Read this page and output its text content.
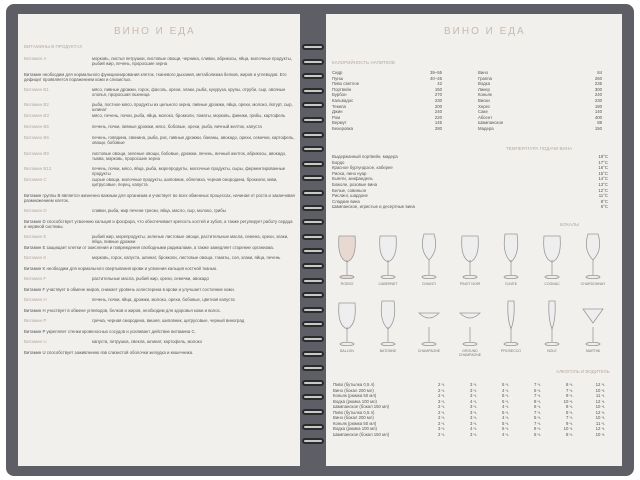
ВИНО И ЕДА
ВИТАМИНЫ В ПРОДУКТАХ
Витамин A	морковь, листья петрушки, листовые овощи, черника, сливки, абрикосы, яйца, молочные продукты, рыбий жир, печень, проросшие зерна
Витамин необходим для нормального функционирования клеток, тканевого дыхания, метаболизма белков, жиров и углеводов. Его дефицит проявляется поражением кожи и слизистых.
Витамин B1	мясо, пивные дрожжи, горох, фасоль, орехи, злаки, рыба, кукуруза, крупы, отруби, сыр, овсяные хлопья, проросшая пшеница
Витамин B2	рыба, постное мясо, продукты из цельного зерна, пивные дрожжи, яйца, орехи, молоко, йогурт, сыр, шпинат
Витамин B3	мясо, печень, почки, рыба, яйца, молоко, брокколи, томаты, морковь, финики, грибы, картофель
Витамин B5	печень, почки, пивные дрожжи, мясо, бобовые, орехи, рыба, яичный желток, капуста
Витамин B6	печень, говядина, свинина, рыба, рис, пивные дрожжи, бананы, авокадо, орехи, семечки, картофель, овощи, бобовые
Витамин B9	листовые овощи, зеленые овощи, бобовые, дрожжи, печень, яичный желток, абрикосы, авокадо, тыква, морковь, проросшие зерна
Витамин B12	печень, почки, мясо, яйца, рыба, морепродукты, молочные продукты, сыры, ферментированные продукты
Витамин C	сырые овощи, молочные продукты, шиповник, облепиха, черная смородина, брокколи, киви, цитрусовые, перец, капуста
Витамин группы B является жизненно важным для организма и участвует во всех обменных процессах, начиная от роста и заканчивая размножением клеток.
Витамин D	сливки, рыба, жир печени трески, яйца, масло, сыр, молоко, грибы
Витамин D способствует усвоению кальция и фосфора, что обеспечивает крепость костей и зубов, а также регулирует работу сердца и нервной системы.
Витамин E	рыбий жир, морепродукты, зеленые листовые овощи, растительные масла, семена, орехи, злаки, яйца, пивные дрожжи
Витамин E защищает клетки от окисления и повреждения свободными радикалами, а также замедляет старение организма.
Витамин K	морковь, горох, капуста, шпинат, брокколи, листовые овощи, томаты, соя, злаки, яйца, печень
Витамин K необходим для нормального свертывания крови и усвоения кальция костной тканью.
Витамин F	растительные масла, рыбий жир, орехи, семечки, авокадо
Витамин F участвует в обмене жиров, снижает уровень холестерина в крови и улучшает состояние кожи.
Витамин H	печень, почки, яйца, дрожжи, молоко, орехи, бобовые, цветная капуста
Витамин H участвует в обмене углеводов, белков и жиров, необходим для здоровья кожи и волос.
Витамин P	гречка, черная смородина, вишня, шиповник, цитрусовые, черный виноград
Витамин P укрепляет стенки кровеносных сосудов и усиливает действие витамина C.
Витамин U	капуста, петрушка, свекла, шпинат, картофель, молоко
Витамин U способствует заживлению язв слизистой оболочки желудка и кишечника.
ВИНО И ЕДА
КАЛОРИЙНОСТЬ НАПИТКОВ
Сидр	39–55
Пунш	40–45
Пиво светлое	42
Портвейн	150
Бурбон	270
Кальвадос	230
Текила	200
Джин	240
Ром	220
Вермут	145
Бехеровка	280
Вино	84
Граппа	260
Водка	235
Ликер	300
Коньяк	240
Виски	230
Херес	180
Саке	140
Абсент	400
Шампанское	88
Мадера	150
ТЕМПЕРАТУРА ПОДАЧИ ВИНА
Выдержанный портвейн, мадера	18°C
Бордо	17°C
Красное бургундское, каберне	16°C
Риоха, пино нуар	15°C
Кьянти, зинфандель	14°C
Божоле, розовые вина	13°C
Белые, совиньон	12°C
Рислинг, шардоне	11°C
Сладкие вина	8°C
Шампанское, игристые и десертные вина	6°C
БОКАЛЫ
ROSSO	CABERNET	CHIANTI	PINOT NOIR	CUVEE	COGNAC	CHARDONNAY
BALLON	BATONNE	CHAMPAGNE	GROUND CHAMPAGNE
PROSECCO	BOLE	MARTINI
АЛКОГОЛЬ И ВОДИТЕЛЬ
Пиво (бутылка 0,5 л)	2 ч.	3 ч.	5 ч.	7 ч.	8 ч.	12 ч.
Вино (бокал 200 мл)	2 ч.	3 ч.	4 ч.	5 ч.	7 ч.	10 ч.
Коньяк (рюмка 50 мл)	2 ч.	3 ч.	5 ч.	7 ч.	9 ч.	11 ч.
Водка (рюмка 100 мл)	3 ч.	4 ч.	6 ч.	8 ч.	10 ч.	12 ч.
Шампанское (бокал 150 мл)	2 ч.	3 ч.	4 ч.	6 ч.	8 ч.	10 ч.
Пиво (бутылка 0,5 л)	2 ч.	3 ч.	5 ч.	7 ч.	8 ч.	12 ч.
Вино (бокал 200 мл)	2 ч.	3 ч.	4 ч.	5 ч.	7 ч.	10 ч.
Коньяк (рюмка 50 мл)	2 ч.	3 ч.	5 ч.	7 ч.	9 ч.	11 ч.
Водка (рюмка 100 мл)	3 ч.	4 ч.	6 ч.	8 ч.	10 ч.	12 ч.
Шампанское (бокал 150 мл)	2 ч.	3 ч.	4 ч.	6 ч.	8 ч.	10 ч.
